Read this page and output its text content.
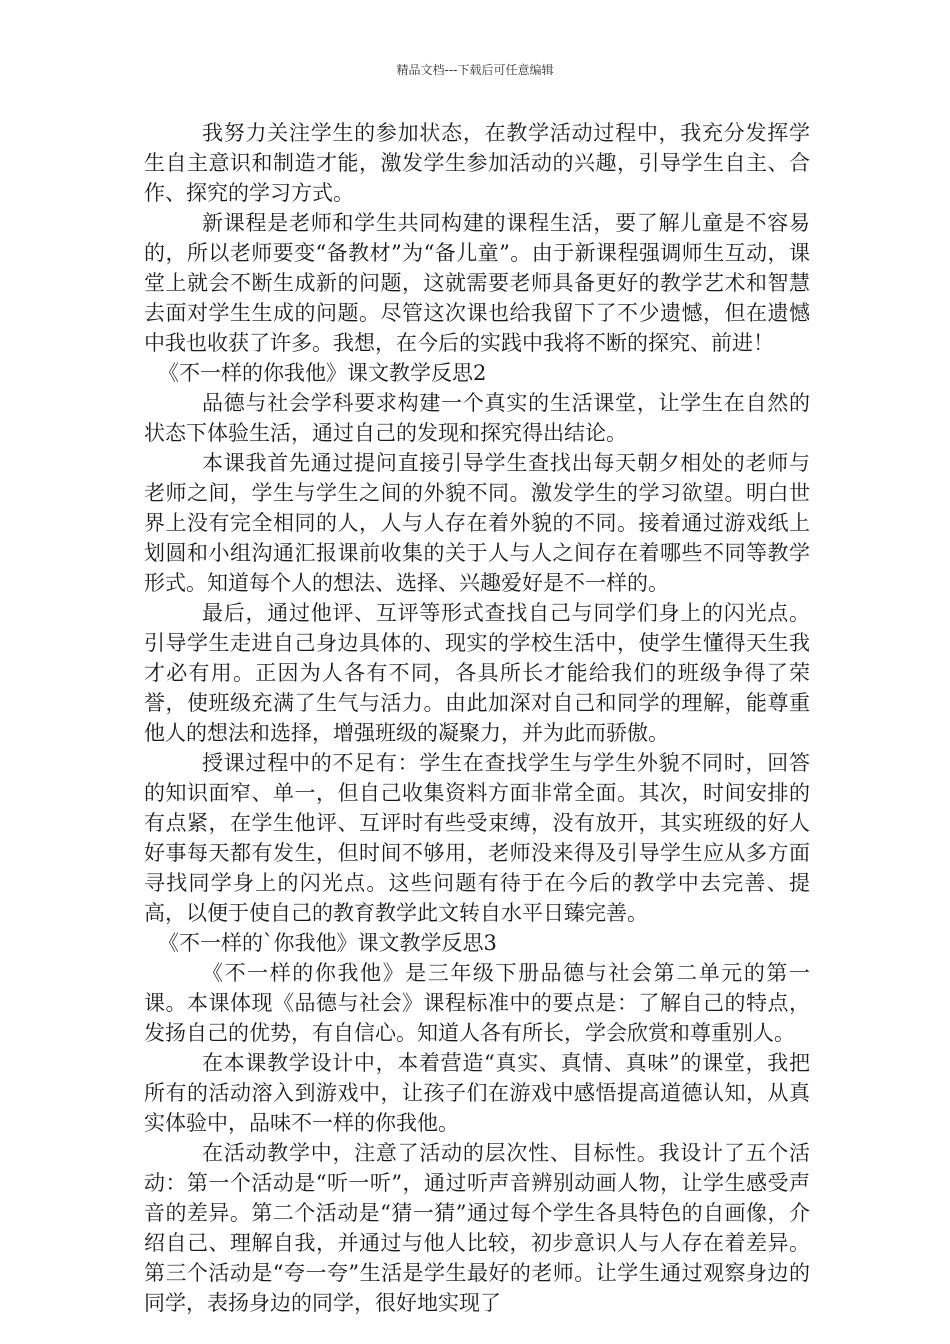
精品文档---下载后可任意编辑

我努力关注学生的参加状态，在教学活动过程中，我充分发挥学生自主意识和制造才能，激发学生参加活动的兴趣，引导学生自主、合作、探究的学习方式。

新课程是老师和学生共同构建的课程生活，要了解儿童是不容易的，所以老师要变“备教材”为“备儿童”。由于新课程强调师生互动，课堂上就会不断生成新的问题，这就需要老师具备更好的教学艺术和智慧去面对学生生成的问题。尽管这次课也给我留下了不少遗憾，但在遗憾中我也收获了许多。我想，在今后的实践中我将不断的探究、前进！

《不一样的你我他》课文教学反思2

品德与社会学科要求构建一个真实的生活课堂，让学生在自然的状态下体验生活，通过自己的发现和探究得出结论。

本课我首先通过提问直接引导学生查找出每天朝夕相处的老师与老师之间，学生与学生之间的外貌不同。激发学生的学习欲望。明白世界上没有完全相同的人，人与人存在着外貌的不同。接着通过游戏纸上划圆和小组沟通汇报课前收集的关于人与人之间存在着哪些不同等教学形式。知道每个人的想法、选择、兴趣爱好是不一样的。

最后，通过他评、互评等形式查找自己与同学们身上的闪光点。引导学生走进自己身边具体的、现实的学校生活中，使学生懂得天生我才必有用。正因为人各有不同，各具所长才能给我们的班级争得了荣誉，使班级充满了生气与活力。由此加深对自己和同学的理解，能尊重他人的想法和选择，增强班级的凝聚力，并为此而骄傲。

授课过程中的不足有：学生在查找学生与学生外貌不同时，回答的知识面窄、单一，但自己收集资料方面非常全面。其次，时间安排的有点紧，在学生他评、互评时有些受束缚，没有放开，其实班级的好人好事每天都有发生，但时间不够用，老师没来得及引导学生应从多方面寻找同学身上的闪光点。这些问题有待于在今后的教学中去完善、提高，以便于使自己的教育教学此文转自水平日臻完善。

《不一样的`你我他》课文教学反思3

《不一样的你我他》是三年级下册品德与社会第二单元的第一课。本课体现《品德与社会》课程标准中的要点是：了解自己的特点，发扬自己的优势，有自信心。知道人各有所长，学会欣赏和尊重别人。

在本课教学设计中，本着营造“真实、真情、真味”的课堂，我把所有的活动溶入到游戏中，让孩子们在游戏中感悟提高道德认知，从真实体验中，品味不一样的你我他。

在活动教学中，注意了活动的层次性、目标性。我设计了五个活动：第一个活动是“听一听”，通过听声音辨别动画人物，让学生感受声音的差异。第二个活动是“猜一猜”通过每个学生各具特色的自画像，介绍自己、理解自我，并通过与他人比较，初步意识人与人存在着差异。第三个活动是“夸一夸”生活是学生最好的老师。让学生通过观察身边的同学，表扬身边的同学，很好地实现了
